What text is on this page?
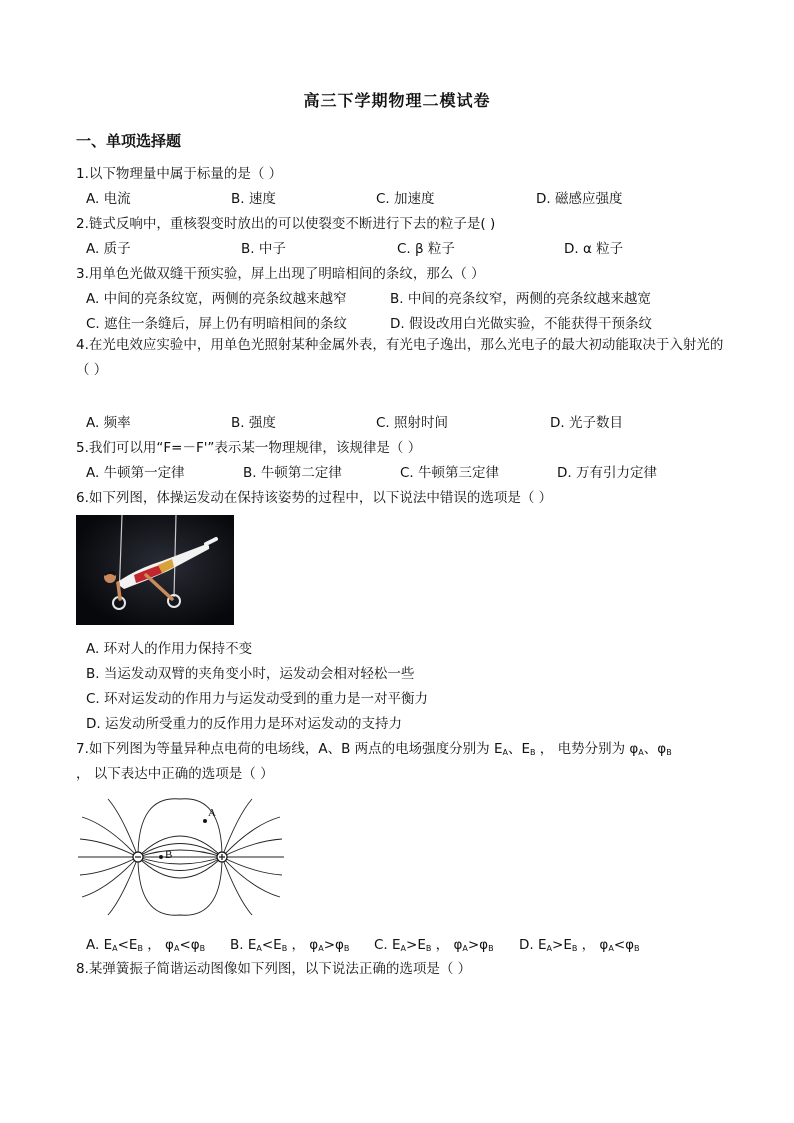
高三下学期物理二模试卷
一、单项选择题
1.以下物理量中属于标量的是（ ）
A. 电流	B. 速度	C. 加速度	D. 磁感应强度
2.链式反响中，重核裂变时放出的可以使裂变不断进行下去的粒子是( )
A. 质子	B. 中子	C. β 粒子	D. α 粒子
3.用单色光做双缝干预实验，屏上出现了明暗相间的条纹，那么（ ）
A. 中间的亮条纹宽，两侧的亮条纹越来越窄	B. 中间的亮条纹窄，两侧的亮条纹越来越宽
C. 遮住一条缝后，屏上仍有明暗相间的条纹	D. 假设改用白光做实验，不能获得干预条纹
4.在光电效应实验中，用单色光照射某种金属外表，有光电子逸出，那么光电子的最大初动能取决于入射光的（ ）
A. 频率	B. 强度	C. 照射时间	D. 光子数目
5.我们可以用“F=－F'”表示某一物理规律，该规律是（ ）
A. 牛顿第一定律	B. 牛顿第二定律	C. 牛顿第三定律	D. 万有引力定律
6.如下列图，体操运发动在保持该姿势的过程中，以下说法中错误的选项是（ ）
A. 环对人的作用力保持不变
B. 当运发动双臂的夹角变小时，运发动会相对轻松一些
C. 环对运发动的作用力与运发动受到的重力是一对平衡力
D. 运发动所受重力的反作用力是环对运发动的支持力
7.如下列图为等量异种点电荷的电场线，A、B 两点的电场强度分别为 $E_A$、$E_B$ ， 电势分别为 $\varphi_A$、$\varphi_B$
， 以下表达中正确的选项是（ ）
A
B
A. $E_A<E_B$ ， $\varphi_A<\varphi_B$ B. $E_A<E_B$ ， $\varphi_A>\varphi_B$ C. $E_A>E_B$ ， $\varphi_A>\varphi_B$ D. $E_A>E_B$ ， $\varphi_A<\varphi_B$
8.某弹簧振子简谐运动图像如下列图，以下说法正确的选项是（ ）
